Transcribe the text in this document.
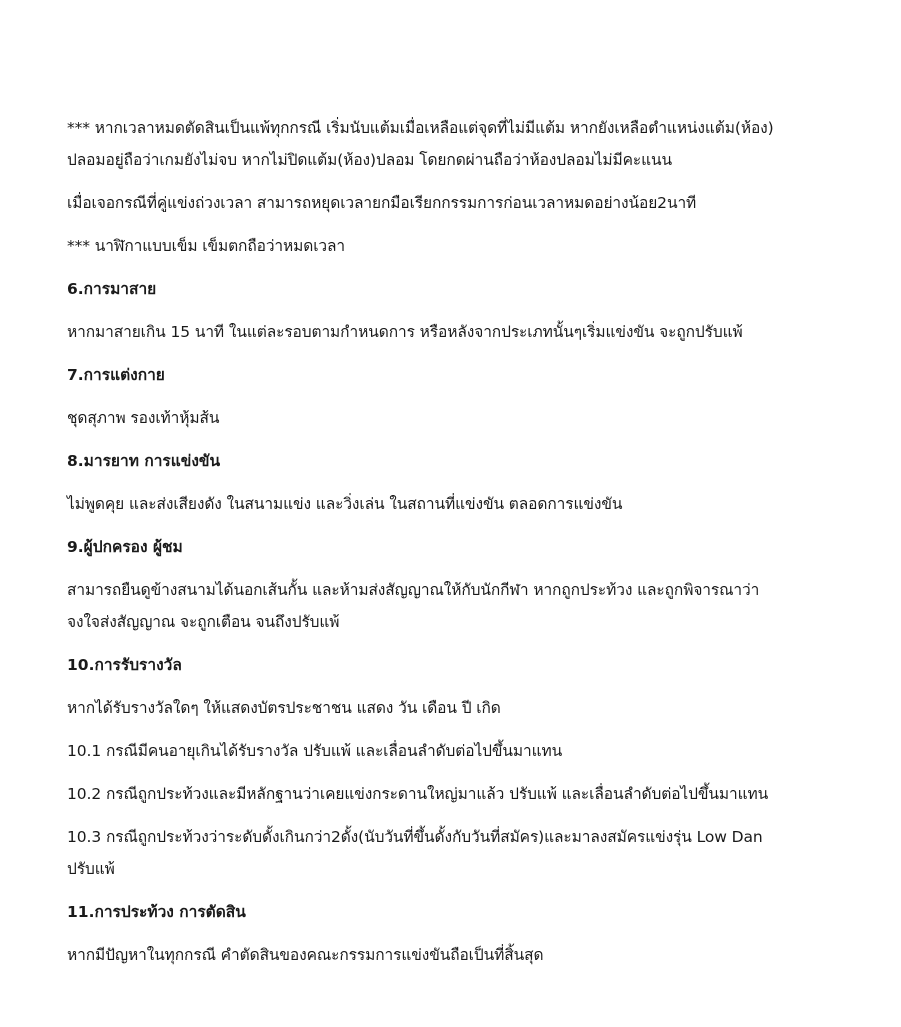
*** หากเวลาหมดตัดสินเป็นแพ้ทุกกรณี เริ่มนับแต้มเมื่อเหลือแต่จุดที่ไม่มีแต้ม หากยังเหลือตำแหน่งแต้ม(ห้อง)
ปลอมอยู่ถือว่าเกมยังไม่จบ หากไม่ปิดแต้ม(ห้อง)ปลอม โดยกดผ่านถือว่าห้องปลอมไม่มีคะแนน

เมื่อเจอกรณีที่คู่แข่งถ่วงเวลา สามารถหยุดเวลายกมือเรียกกรรมการก่อนเวลาหมดอย่างน้อย2นาที

*** นาฬิกาแบบเข็ม เข็มตกถือว่าหมดเวลา

6.การมาสาย

หากมาสายเกิน 15 นาที ในแต่ละรอบตามกำหนดการ หรือหลังจากประเภทนั้นๆเริ่มแข่งขัน จะถูกปรับแพ้

7.การแต่งกาย

ชุดสุภาพ รองเท้าหุ้มส้น

8.มารยาท การแข่งขัน

ไม่พูดคุย และส่งเสียงดัง ในสนามแข่ง และวิ่งเล่น ในสถานที่แข่งขัน ตลอดการแข่งขัน

9.ผู้ปกครอง ผู้ชม

สามารถยืนดูข้างสนามได้นอกเส้นกั้น และห้ามส่งสัญญาณให้กับนักกีฬา หากถูกประท้วง และถูกพิจารณาว่า
จงใจส่งสัญญาณ จะถูกเตือน จนถึงปรับแพ้

10.การรับรางวัล

หากได้รับรางวัลใดๆ ให้แสดงบัตรประชาชน แสดง วัน เดือน ปี เกิด

10.1 กรณีมีคนอายุเกินได้รับรางวัล ปรับแพ้ และเลื่อนลำดับต่อไปขึ้นมาแทน

10.2 กรณีถูกประท้วงและมีหลักฐานว่าเคยแข่งกระดานใหญ่มาแล้ว ปรับแพ้ และเลื่อนลำดับต่อไปขึ้นมาแทน

10.3 กรณีถูกประท้วงว่าระดับดั้งเกินกว่า2ดั้ง(นับวันที่ขึ้นดั้งกับวันที่สมัคร)และมาลงสมัครแข่งรุ่น Low Dan
ปรับแพ้

11.การประท้วง การตัดสิน

หากมีปัญหาในทุกกรณี คำตัดสินของคณะกรรมการแข่งขันถือเป็นที่สิ้นสุด
